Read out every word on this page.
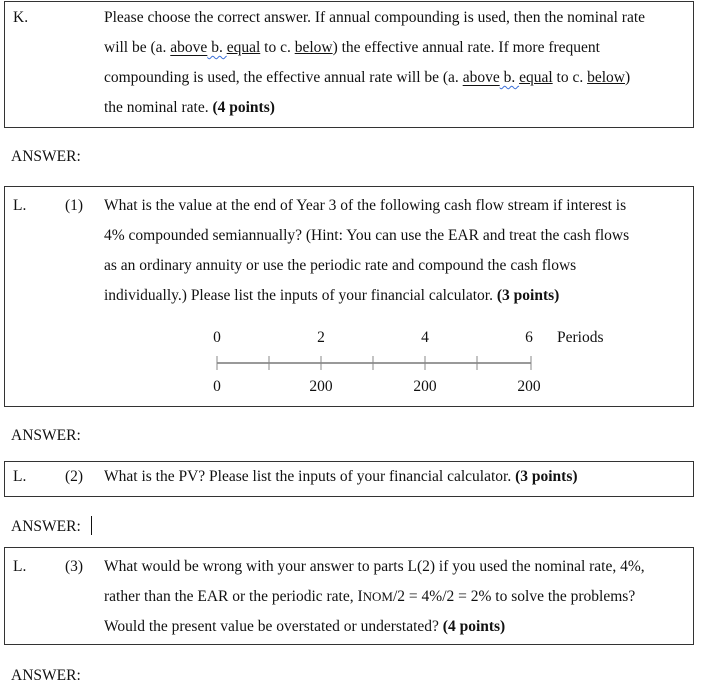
K.	Please choose the correct answer. If annual compounding is used, then the nominal rate
will be (a. above b. equal to c. below) the effective annual rate. If more frequent
compounding is used, the effective annual rate will be (a. above b. equal to c. below)
the nominal rate. (4 points)
ANSWER:
L. (1) What is the value at the end of Year 3 of the following cash flow stream if interest is
4% compounded semiannually? (Hint: You can use the EAR and treat the cash flows
as an ordinary annuity or use the periodic rate and compound the cash flows
individually.) Please list the inputs of your financial calculator. (3 points)
0	2	4	6	Periods
0	200	200	200
ANSWER:
L. (2) What is the PV? Please list the inputs of your financial calculator. (3 points)
ANSWER:
L. (3) What would be wrong with your answer to parts L(2) if you used the nominal rate, 4%,
rather than the EAR or the periodic rate, INOM/2 = 4%/2 = 2% to solve the problems?
Would the present value be overstated or understated? (4 points)
ANSWER:
